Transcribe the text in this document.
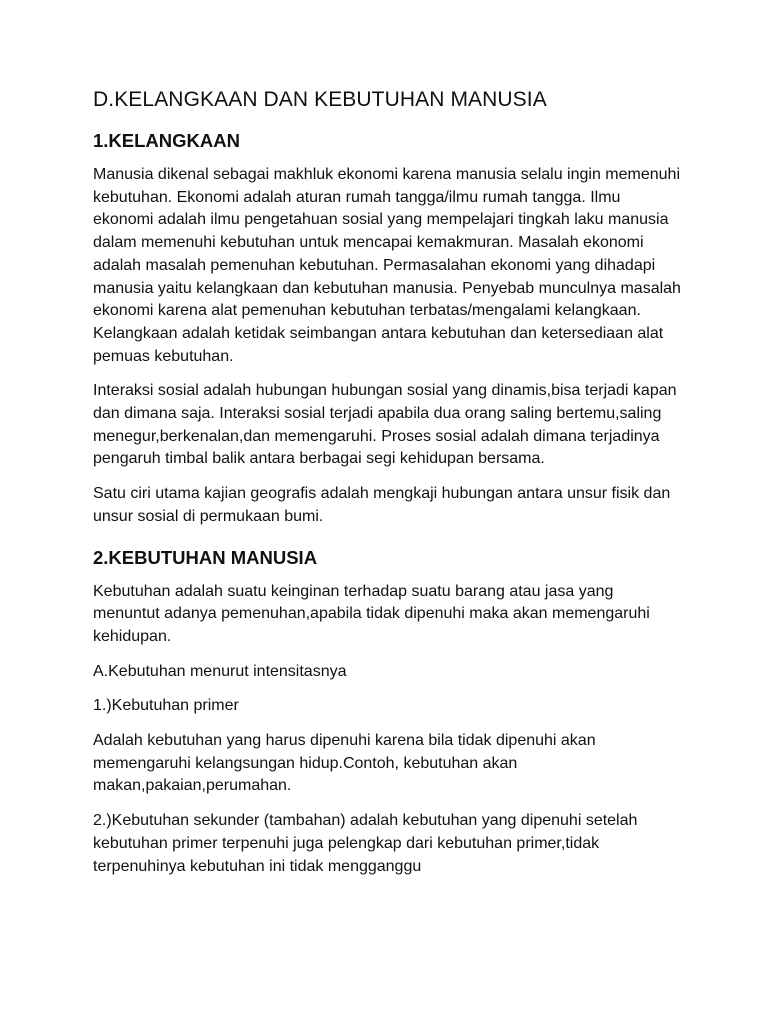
D.KELANGKAAN DAN KEBUTUHAN MANUSIA
1.KELANGKAAN

Manusia dikenal sebagai makhluk ekonomi karena manusia selalu ingin memenuhi kebutuhan. Ekonomi adalah aturan rumah tangga/ilmu rumah tangga. Ilmu ekonomi adalah ilmu pengetahuan sosial yang mempelajari tingkah laku manusia dalam memenuhi kebutuhan untuk mencapai kemakmuran. Masalah ekonomi adalah masalah pemenuhan kebutuhan. Permasalahan ekonomi yang dihadapi manusia yaitu kelangkaan dan kebutuhan manusia. Penyebab munculnya masalah ekonomi karena alat pemenuhan kebutuhan terbatas/mengalami kelangkaan. Kelangkaan adalah ketidak seimbangan antara kebutuhan dan ketersediaan alat pemuas kebutuhan.

Interaksi sosial adalah hubungan hubungan sosial yang dinamis,bisa terjadi kapan dan dimana saja. Interaksi sosial terjadi apabila dua orang saling bertemu,saling menegur,berkenalan,dan memengaruhi. Proses sosial adalah dimana terjadinya pengaruh timbal balik antara berbagai segi kehidupan bersama.

Satu ciri utama kajian geografis adalah mengkaji hubungan antara unsur fisik dan unsur sosial di permukaan bumi.

2.KEBUTUHAN MANUSIA

Kebutuhan adalah suatu keinginan terhadap suatu barang atau jasa yang menuntut adanya pemenuhan,apabila tidak dipenuhi maka akan memengaruhi kehidupan.

A.Kebutuhan menurut intensitasnya

1.)Kebutuhan primer

Adalah kebutuhan yang harus dipenuhi karena bila tidak dipenuhi akan memengaruhi kelangsungan hidup.Contoh, kebutuhan akan makan,pakaian,perumahan.

2.)Kebutuhan sekunder (tambahan) adalah kebutuhan yang dipenuhi setelah kebutuhan primer terpenuhi juga pelengkap dari kebutuhan primer,tidak terpenuhinya kebutuhan ini tidak mengganggu
